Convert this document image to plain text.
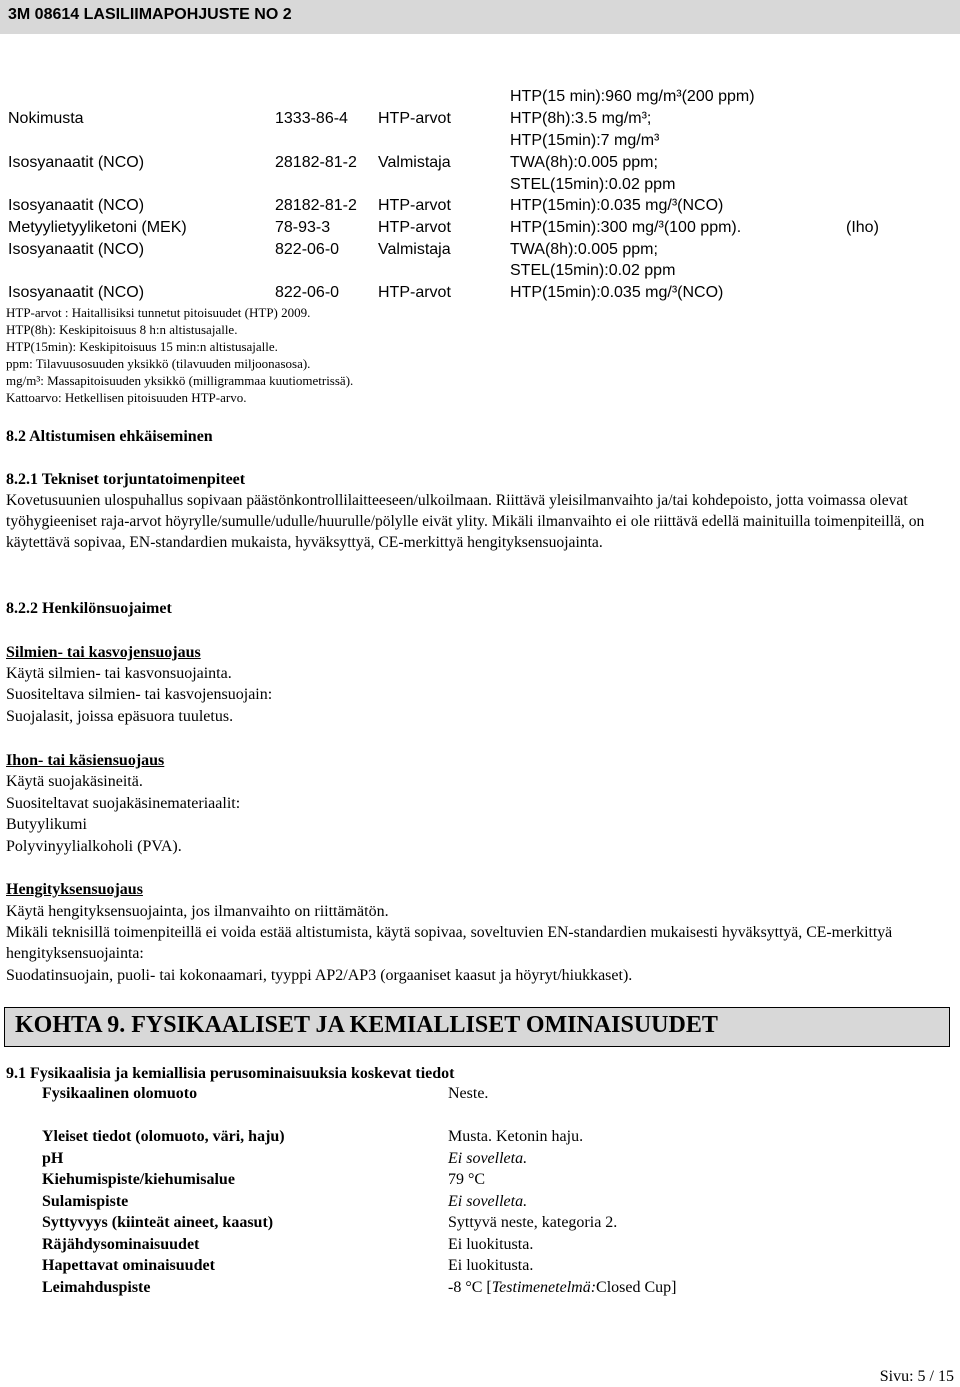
3M 08614 LASILIIMAPOHJUSTE NO 2
HTP(15 min):960 mg/m³(200 ppm)
Nokimusta	1333-86-4 HTP-arvot	HTP(8h):3.5 mg/m³;
HTP(15min):7 mg/m³
Isosyanaatit (NCO)	28182-81-2 Valmistaja	TWA(8h):0.005 ppm;
STEL(15min):0.02 ppm
Isosyanaatit (NCO)	28182-81-2 HTP-arvot	HTP(15min):0.035 mg/³(NCO)
Metyylietyyliketoni (MEK)	78-93-3	HTP-arvot	HTP(15min):300 mg/³(100 ppm).	(Iho)
Isosyanaatit (NCO)	822-06-0 Valmistaja	TWA(8h):0.005 ppm;
STEL(15min):0.02 ppm
Isosyanaatit (NCO)	822-06-0 HTP-arvot	HTP(15min):0.035 mg/³(NCO)
HTP-arvot : Haitallisiksi tunnetut pitoisuudet (HTP) 2009.
HTP(8h): Keskipitoisuus 8 h:n altistusajalle.
HTP(15min): Keskipitoisuus 15 min:n altistusajalle.
ppm: Tilavuusosuuden yksikkö (tilavuuden miljoonasosa).
mg/m³: Massapitoisuuden yksikkö (milligrammaa kuutiometrissä).
Kattoarvo: Hetkellisen pitoisuuden HTP-arvo.
8.2 Altistumisen ehkäiseminen
8.2.1 Tekniset torjuntatoimenpiteet
Kovetusuunien ulospuhallus sopivaan päästönkontrollilaitteeseen/ulkoilmaan. Riittävä yleisilmanvaihto ja/tai kohdepoisto, jotta voimassa olevat työhygieeniset raja-arvot höyrylle/sumulle/udulle/huurulle/pölylle eivät ylity. Mikäli ilmanvaihto ei ole riittävä edellä mainituilla toimenpiteillä, on käytettävä sopivaa, EN-standardien mukaista, hyväksyttyä, CE-merkittyä hengityksensuojainta.
8.2.2 Henkilönsuojaimet
Silmien- tai kasvojensuojaus
Käytä silmien- tai kasvonsuojainta.
Suositeltava silmien- tai kasvojensuojain:
Suojalasit, joissa epäsuora tuuletus.
Ihon- tai käsiensuojaus
Käytä suojakäsineitä.
Suositeltavat suojakäsinemateriaalit:
Butyylikumi
Polyvinyylialkoholi (PVA).
Hengityksensuojaus
Käytä hengityksensuojainta, jos ilmanvaihto on riittämätön.
Mikäli teknisillä toimenpiteillä ei voida estää altistumista, käytä sopivaa, soveltuvien EN-standardien mukaisesti hyväksyttyä, CE-merkittyä hengityksensuojainta:
Suodatinsuojain, puoli- tai kokonaamari, tyyppi AP2/AP3 (orgaaniset kaasut ja höyryt/hiukkaset).
KOHTA 9. FYSIKAALISET JA KEMIALLISET OMINAISUUDET
9.1 Fysikaalisia ja kemiallisia perusominaisuuksia koskevat tiedot
Fysikaalinen olomuoto	Neste.
Yleiset tiedot (olomuoto, väri, haju)	Musta. Ketonin haju.
pH	Ei sovelleta.
Kiehumispiste/kiehumisalue	79 °C
Sulamispiste	Ei sovelleta.
Syttyvyys (kiinteät aineet, kaasut)	Syttyvä neste, kategoria 2.
Räjähdysominaisuudet	Ei luokitusta.
Hapettavat ominaisuudet	Ei luokitusta.
Leimahduspiste	-8 °C [Testimenetelmä:Closed Cup]
Sivu: 5 / 15
